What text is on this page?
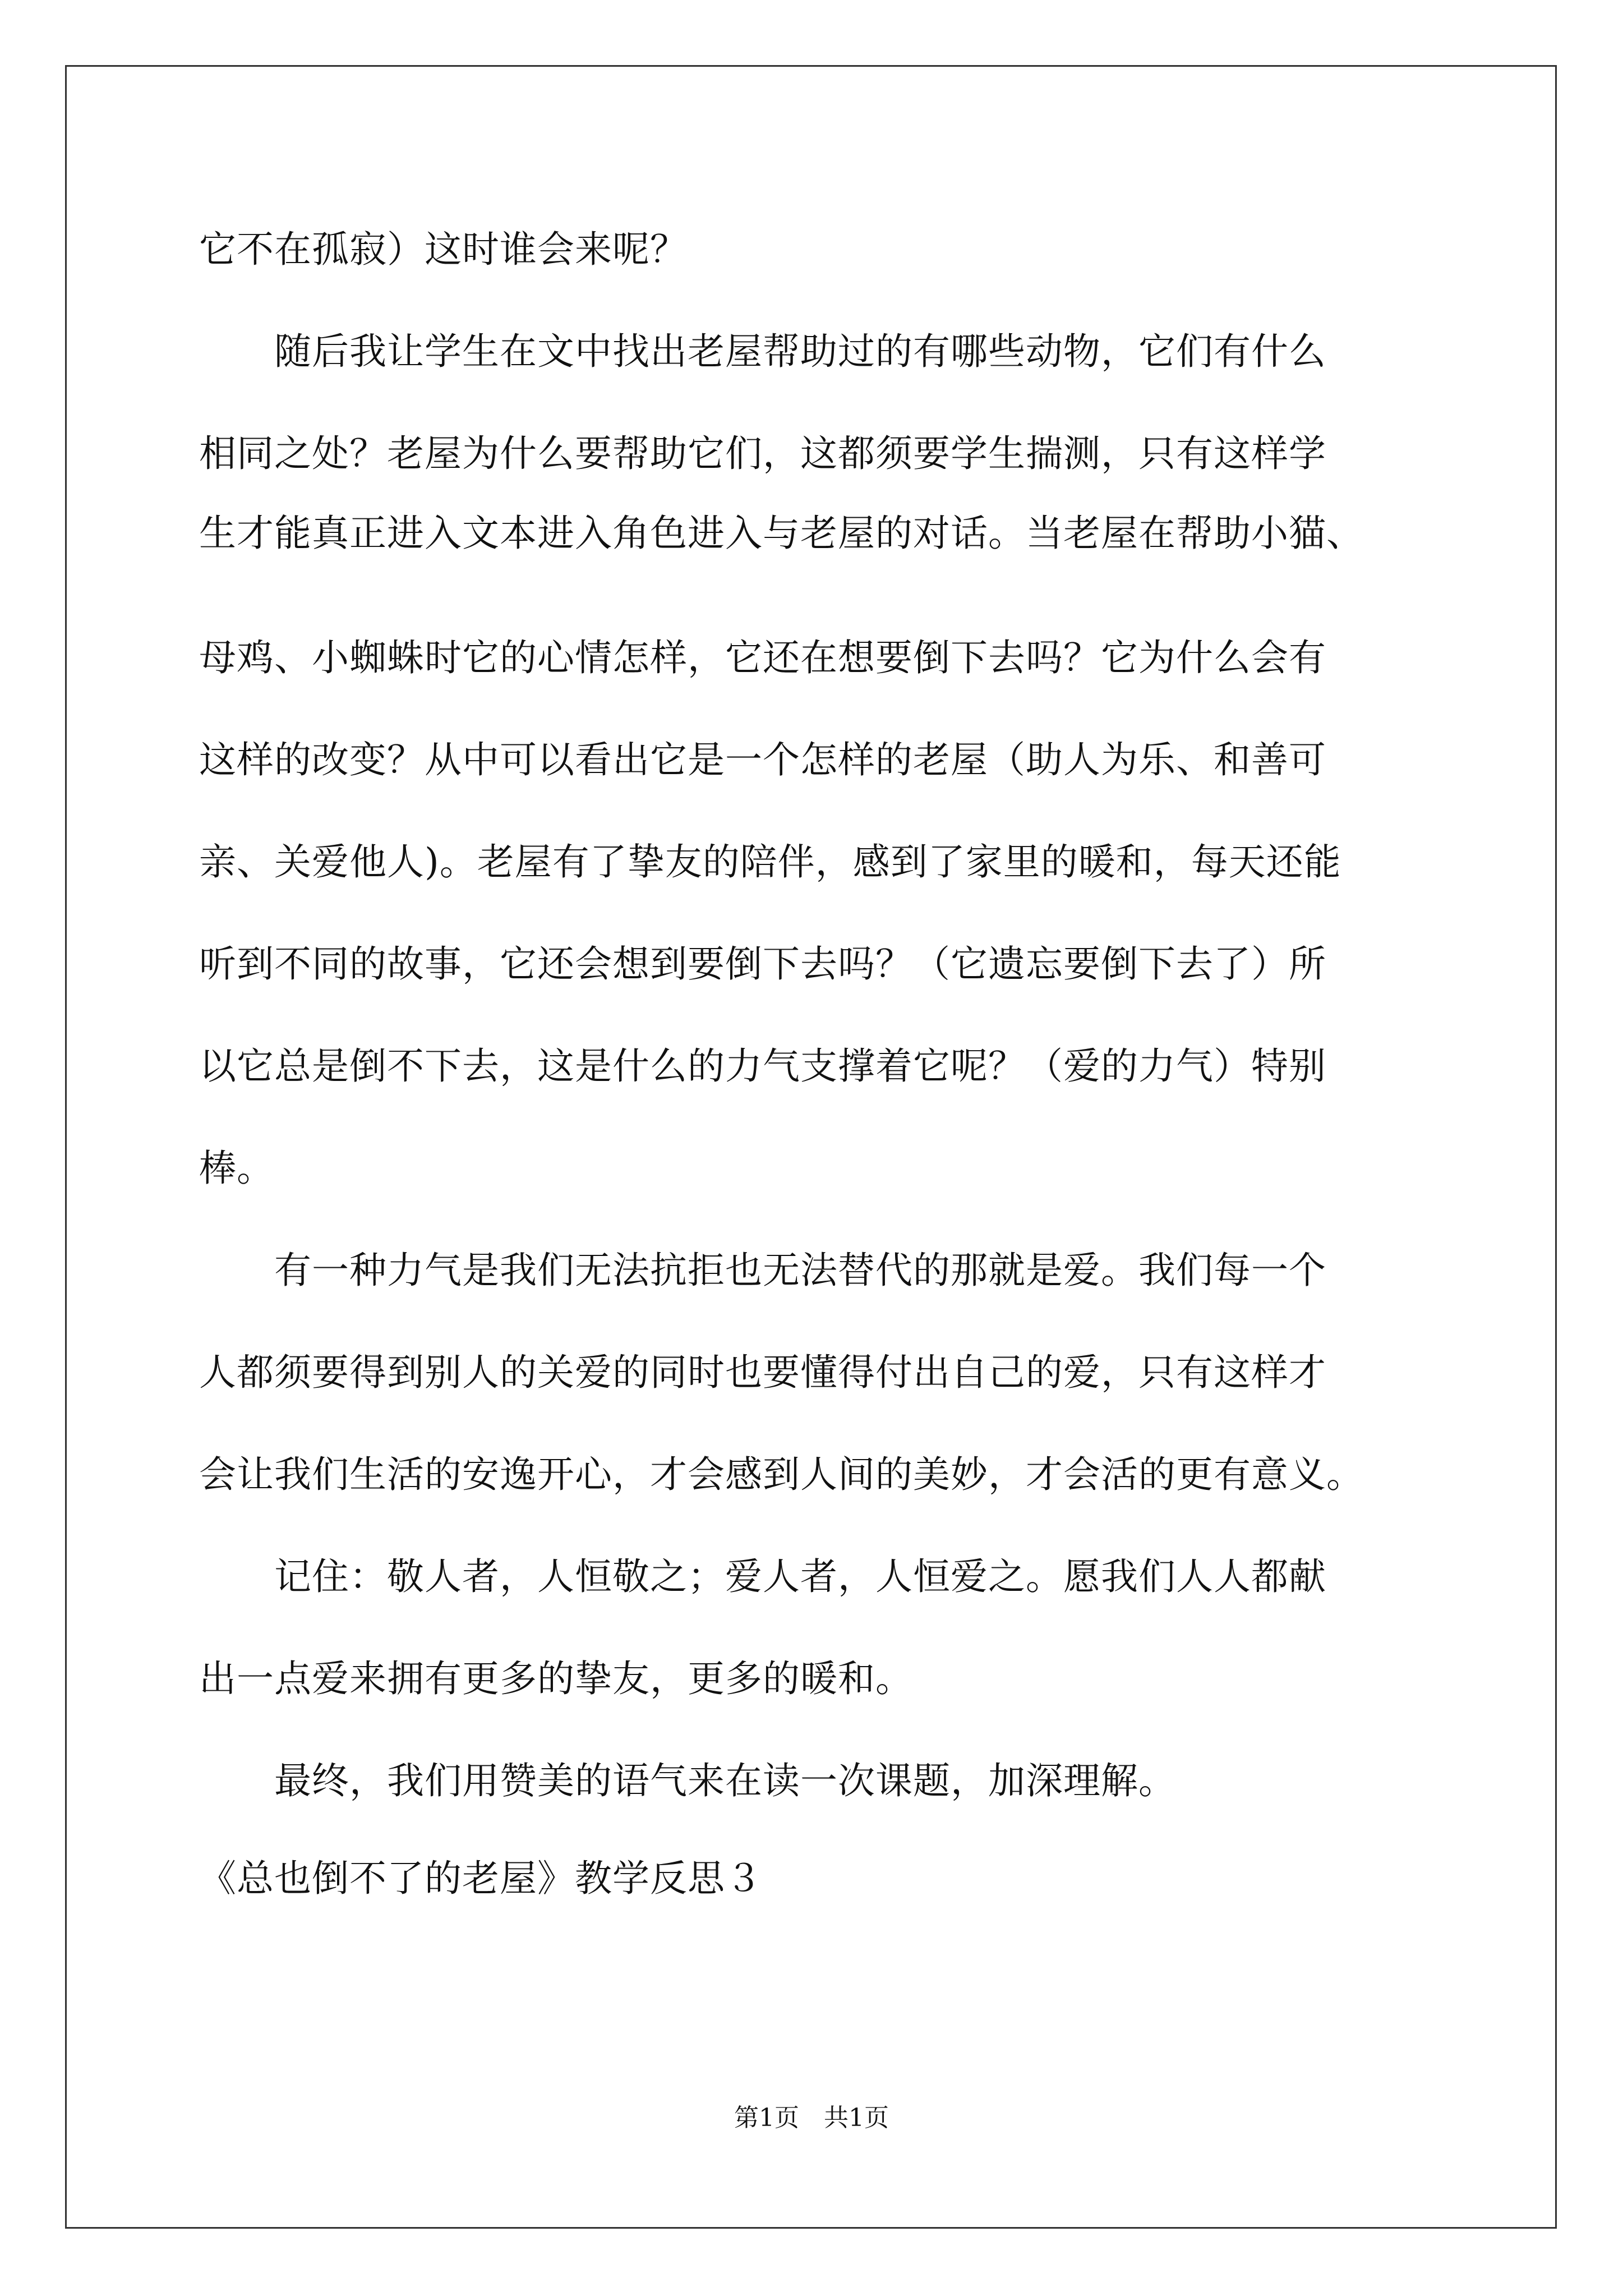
它不在孤寂）这时谁会来呢？
　　随后我让学生在文中找出老屋帮助过的有哪些动物，它们有什么
相同之处？老屋为什么要帮助它们，这都须要学生揣测，只有这样学
生才能真正进入文本进入角色进入与老屋的对话。当老屋在帮助小猫、
母鸡、小蜘蛛时它的心情怎样，它还在想要倒下去吗？它为什么会有
这样的改变？从中可以看出它是一个怎样的老屋（助人为乐、和善可
亲、关爱他人)。老屋有了挚友的陪伴，感到了家里的暖和，每天还能
听到不同的故事，它还会想到要倒下去吗？（它遗忘要倒下去了）所
以它总是倒不下去，这是什么的力气支撑着它呢？（爱的力气）特别
棒。
　　有一种力气是我们无法抗拒也无法替代的那就是爱。我们每一个
人都须要得到别人的关爱的同时也要懂得付出自己的爱，只有这样才
会让我们生活的安逸开心，才会感到人间的美妙，才会活的更有意义。
　　记住：敬人者，人恒敬之；爱人者，人恒爱之。愿我们人人都献
出一点爱来拥有更多的挚友，更多的暖和。
　　最终，我们用赞美的语气来在读一次课题，加深理解。
《总也倒不了的老屋》教学反思３
第1页　共1页
